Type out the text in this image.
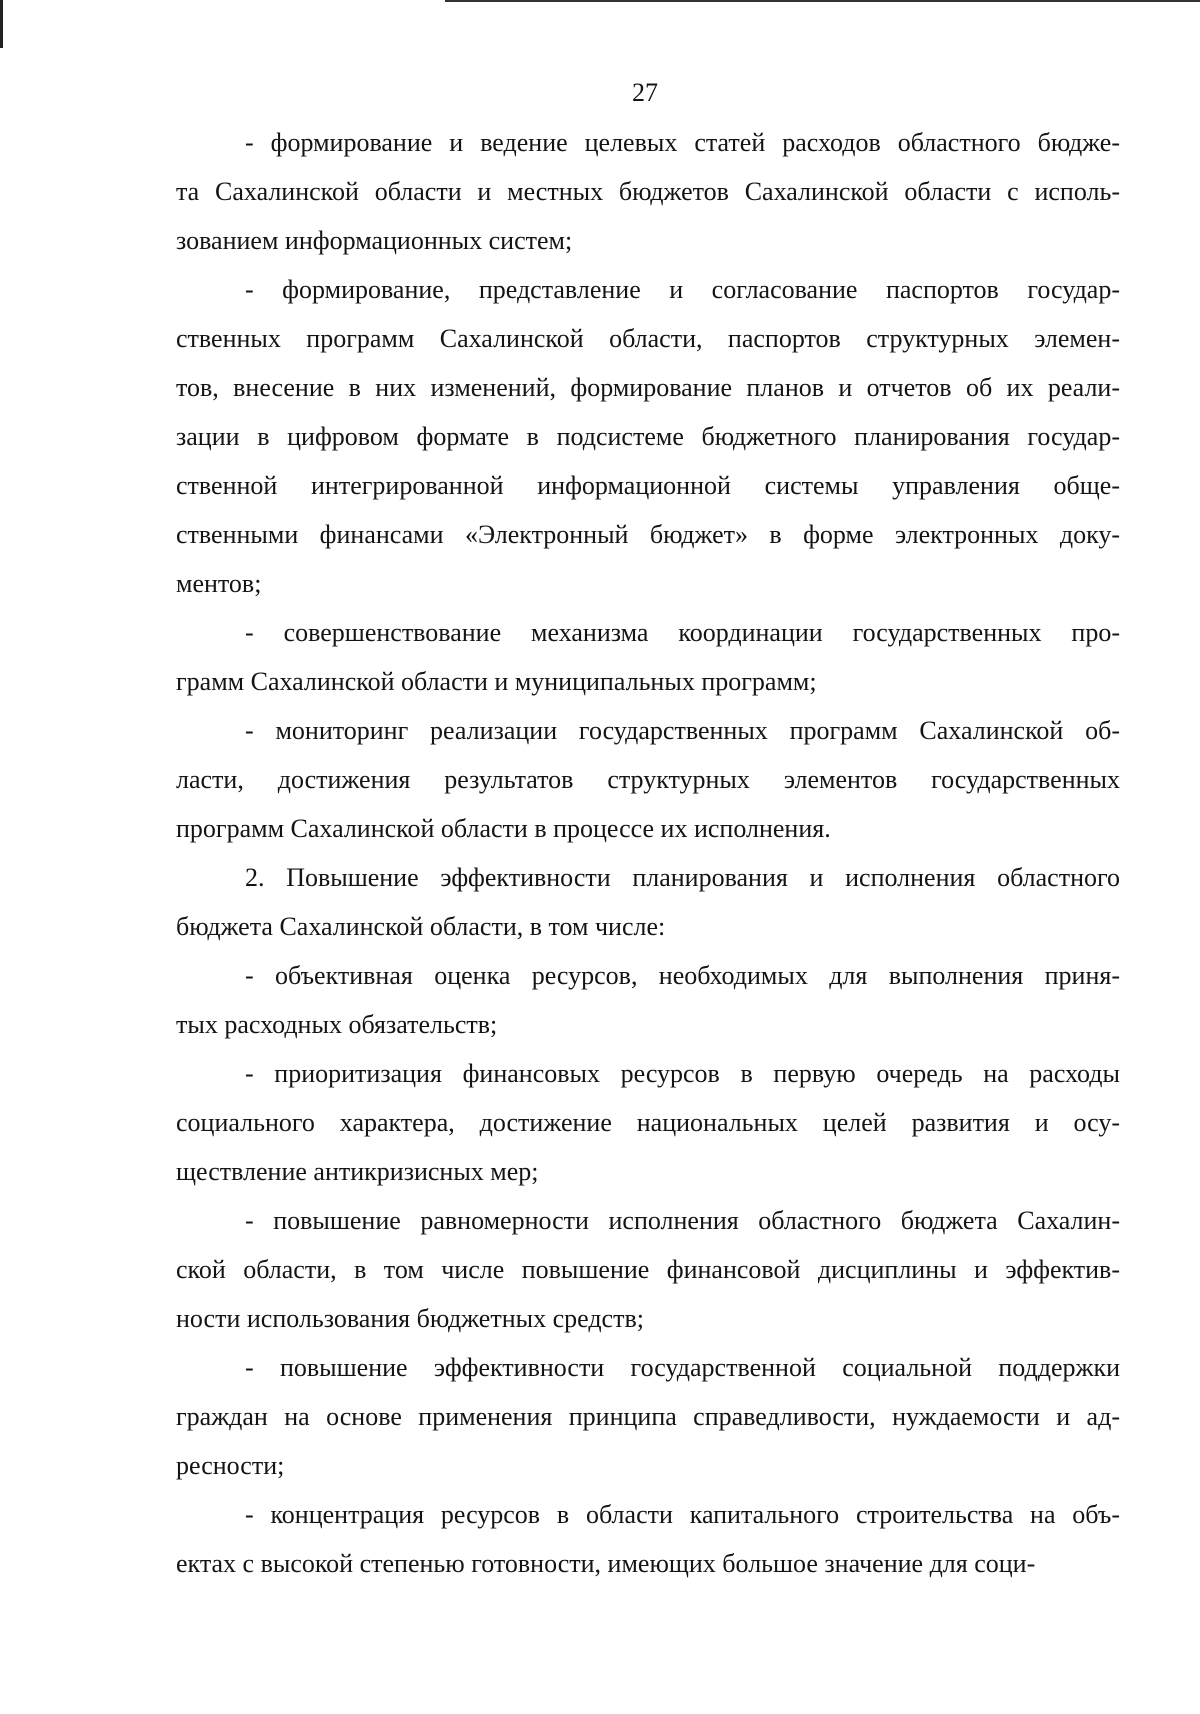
27
- формирование и ведение целевых статей расходов областного бюдже-
та Сахалинской области и местных бюджетов Сахалинской области с исполь-
зованием информационных систем;
- формирование, представление и согласование паспортов государ-
ственных программ Сахалинской области, паспортов структурных элемен-
тов, внесение в них изменений, формирование планов и отчетов об их реали-
зации в цифровом формате в подсистеме бюджетного планирования государ-
ственной интегрированной информационной системы управления обще-
ственными финансами «Электронный бюджет» в форме электронных доку-
ментов;
- совершенствование механизма координации государственных про-
грамм Сахалинской области и муниципальных программ;
- мониторинг реализации государственных программ Сахалинской об-
ласти, достижения результатов структурных элементов государственных
программ Сахалинской области в процессе их исполнения.
2. Повышение эффективности планирования и исполнения областного
бюджета Сахалинской области, в том числе:
- объективная оценка ресурсов, необходимых для выполнения приня-
тых расходных обязательств;
- приоритизация финансовых ресурсов в первую очередь на расходы
социального характера, достижение национальных целей развития и осу-
ществление антикризисных мер;
- повышение равномерности исполнения областного бюджета Сахалин-
ской области, в том числе повышение финансовой дисциплины и эффектив-
ности использования бюджетных средств;
- повышение эффективности государственной социальной поддержки
граждан на основе применения принципа справедливости, нуждаемости и ад-
ресности;
- концентрация ресурсов в области капитального строительства на объ-
ектах с высокой степенью готовности, имеющих большое значение для соци-
